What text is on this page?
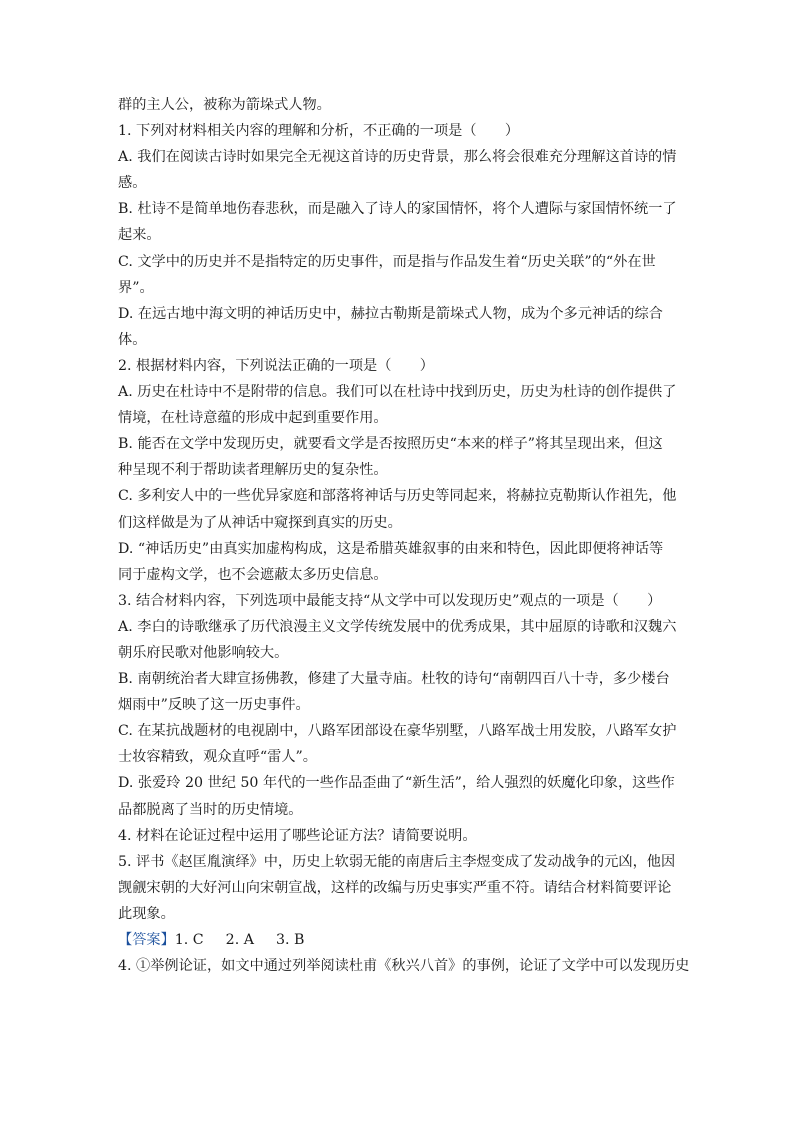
群的主人公，被称为箭垛式人物。
1. 下列对材料相关内容的理解和分析，不正确的一项是（　　）
A. 我们在阅读古诗时如果完全无视这首诗的历史背景，那么将会很难充分理解这首诗的情
感。
B. 杜诗不是简单地伤春悲秋，而是融入了诗人的家国情怀，将个人遭际与家国情怀统一了
起来。
C. 文学中的历史并不是指特定的历史事件，而是指与作品发生着“历史关联”的“外在世
界”。
D. 在远古地中海文明的神话历史中，赫拉古勒斯是箭垛式人物，成为个多元神话的综合
体。
2. 根据材料内容，下列说法正确的一项是（　　）
A. 历史在杜诗中不是附带的信息。我们可以在杜诗中找到历史，历史为杜诗的创作提供了
情境，在杜诗意蕴的形成中起到重要作用。
B. 能否在文学中发现历史，就要看文学是否按照历史“本来的样子”将其呈现出来，但这
种呈现不利于帮助读者理解历史的复杂性。
C. 多利安人中的一些优异家庭和部落将神话与历史等同起来，将赫拉克勒斯认作祖先，他
们这样做是为了从神话中窥探到真实的历史。
D. “神话历史”由真实加虚构构成，这是希腊英雄叙事的由来和特色，因此即便将神话等
同于虚构文学，也不会遮蔽太多历史信息。
3. 结合材料内容，下列选项中最能支持“从文学中可以发现历史”观点的一项是（　　）
A. 李白的诗歌继承了历代浪漫主义文学传统发展中的优秀成果，其中屈原的诗歌和汉魏六
朝乐府民歌对他影响较大。
B. 南朝统治者大肆宣扬佛教，修建了大量寺庙。杜牧的诗句“南朝四百八十寺，多少楼台
烟雨中”反映了这一历史事件。
C. 在某抗战题材的电视剧中，八路军团部设在豪华别墅，八路军战士用发胶，八路军女护
士妆容精致，观众直呼“雷人”。
D. 张爱玲 20 世纪 50 年代的一些作品歪曲了“新生活”，给人强烈的妖魔化印象，这些作
品都脱离了当时的历史情境。
4. 材料在论证过程中运用了哪些论证方法？请简要说明。
5. 评书《赵匡胤演绎》中，历史上软弱无能的南唐后主李煜变成了发动战争的元凶，他因
觊觎宋朝的大好河山向宋朝宣战，这样的改编与历史事实严重不符。请结合材料简要评论
此现象。
【答案】1. C 2. A 3. B
4. ①举例论证，如文中通过列举阅读杜甫《秋兴八首》的事例，论证了文学中可以发现历史
